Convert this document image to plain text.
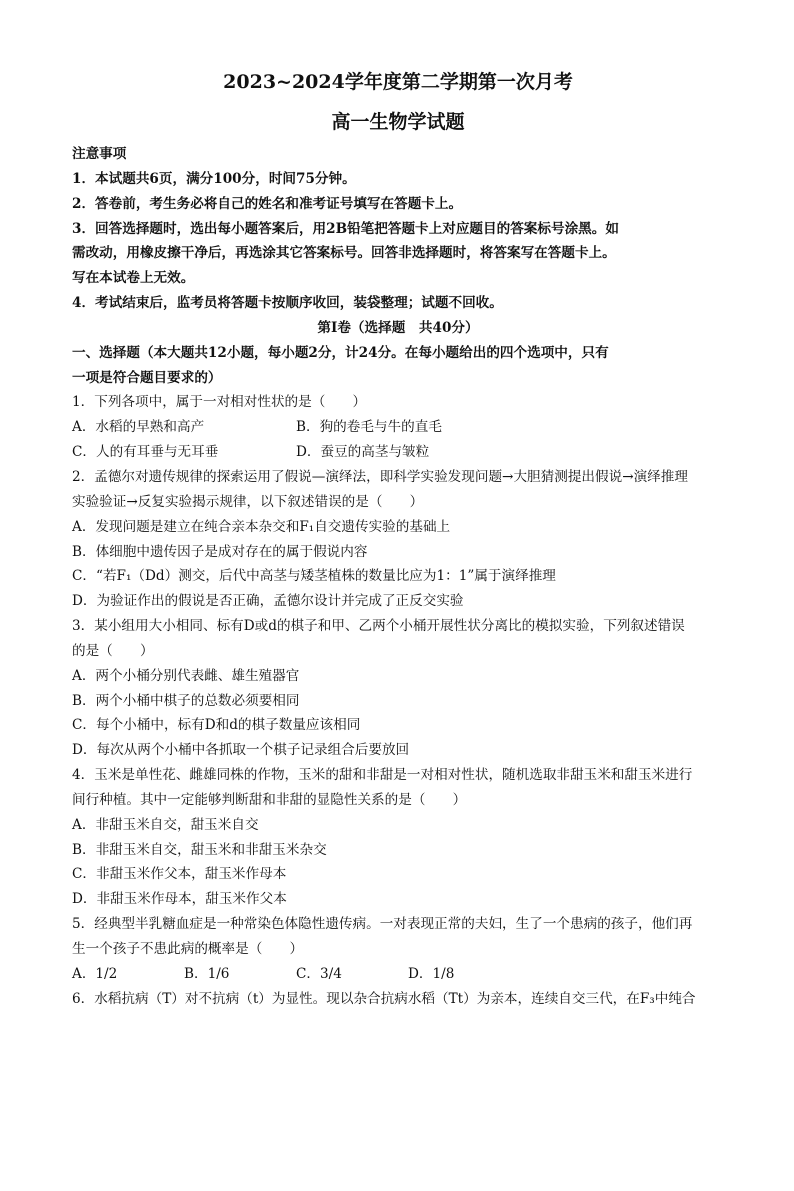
2023~2024学年度第二学期第一次月考
高一生物学试题
注意事项
1．本试题共6页，满分100分，时间75分钟。
2．答卷前，考生务必将自己的姓名和准考证号填写在答题卡上。
3．回答选择题时，选出每小题答案后，用2B铅笔把答题卡上对应题目的答案标号涂黑。如
需改动，用橡皮擦干净后，再选涂其它答案标号。回答非选择题时，将答案写在答题卡上。
写在本试卷上无效。
4．考试结束后，监考员将答题卡按顺序收回，装袋整理；试题不回收。
第Ⅰ卷（选择题　共40分）
一、选择题（本大题共12小题，每小题2分，计24分。在每小题给出的四个选项中，只有
一项是符合题目要求的）
1．下列各项中，属于一对相对性状的是（　　）
A．水稻的早熟和高产	B．狗的卷毛与牛的直毛
C．人的有耳垂与无耳垂	D．蚕豆的高茎与皱粒
2．孟德尔对遗传规律的探索运用了假说—演绎法，即科学实验发现问题→大胆猜测提出假说→演绎推理
实验验证→反复实验揭示规律，以下叙述错误的是（　　）
A．发现问题是建立在纯合亲本杂交和F₁自交遗传实验的基础上
B．体细胞中遗传因子是成对存在的属于假说内容
C．“若F₁（Dd）测交，后代中高茎与矮茎植株的数量比应为1：1”属于演绎推理
D．为验证作出的假说是否正确，孟德尔设计并完成了正反交实验
3．某小组用大小相同、标有D或d的棋子和甲、乙两个小桶开展性状分离比的模拟实验，下列叙述错误
的是（　　）
A．两个小桶分别代表雌、雄生殖器官
B．两个小桶中棋子的总数必须要相同
C．每个小桶中，标有D和d的棋子数量应该相同
D．每次从两个小桶中各抓取一个棋子记录组合后要放回
4．玉米是单性花、雌雄同株的作物，玉米的甜和非甜是一对相对性状，随机选取非甜玉米和甜玉米进行
间行种植。其中一定能够判断甜和非甜的显隐性关系的是（　　）
A．非甜玉米自交，甜玉米自交
B．非甜玉米自交，甜玉米和非甜玉米杂交
C．非甜玉米作父本，甜玉米作母本
D．非甜玉米作母本，甜玉米作父本
5．经典型半乳糖血症是一种常染色体隐性遗传病。一对表现正常的夫妇，生了一个患病的孩子，他们再
生一个孩子不患此病的概率是（　　）
A．1/2	B．1/6	C．3/4	D．1/8
6．水稻抗病（T）对不抗病（t）为显性。现以杂合抗病水稻（Tt）为亲本，连续自交三代，在F₃中纯合
